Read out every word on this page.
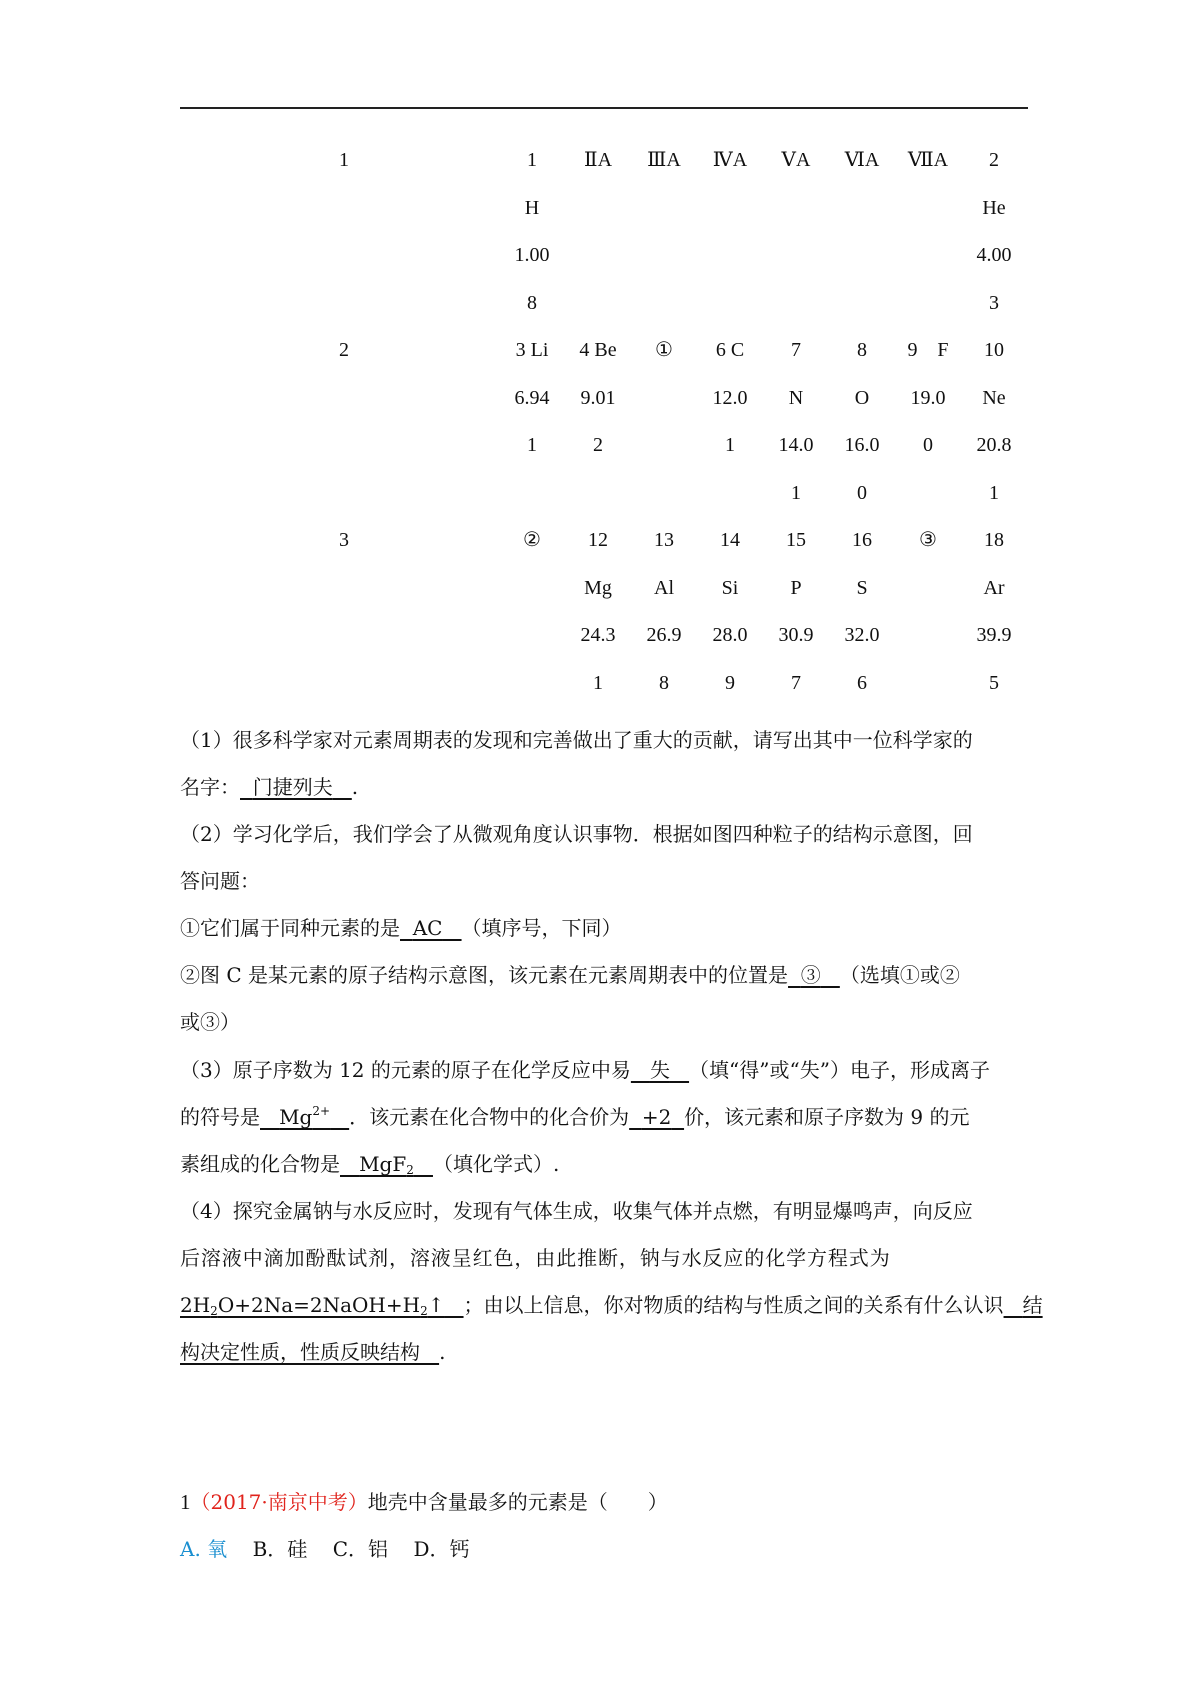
1	1	ⅡA	ⅢA	ⅣA	ⅤA	ⅥA	ⅦA	2
	H							He
	1.00							4.00
	8							3
2	3 Li	4 Be	①	6 C	7	8	9　F	10
	6.94	9.01		12.0	N	O	19.0	Ne
	1	2		1	14.0	16.0	0	20.8
					1	0		1
3	②	12	13	14	15	16	③	18
		Mg	Al	Si	P	S		Ar
		24.3	26.9	28.0	30.9	32.0		39.9
		1	8	9	7	6		5
（1）很多科学家对元素周期表的发现和完善做出了重大的贡献，请写出其中一位科学家的
名字： 门捷列夫 .
（2）学习化学后，我们学会了从微观角度认识事物．根据如图四种粒子的结构示意图，回
答问题：
①它们属于同种元素的是 AC （填序号，下同）
②图 C 是某元素的原子结构示意图，该元素在元素周期表中的位置是 ③ （选填①或②
或③）
（3）原子序数为 12 的元素的原子在化学反应中易 失 （填“得”或“失”）电子，形成离子
的符号是 $Mg^{2+}$ ．该元素在化合物中的化合价为 +2 价，该元素和原子序数为 9 的元
素组成的化合物是 MgF$_2$ （填化学式）.
（4）探究金属钠与水反应时，发现有气体生成，收集气体并点燃，有明显爆鸣声，向反应
后溶液中滴加酚酞试剂，溶液呈红色，由此推断，钠与水反应的化学方程式为
$2H_2O+2Na=2NaOH+H_2↑$ ；由以上信息，你对物质的结构与性质之间的关系有什么认识 结
构决定性质，性质反映结构 .
1（2017·南京中考）地壳中含量最多的元素是（　　）
A. 氧 B．硅 C．铝 D．钙
